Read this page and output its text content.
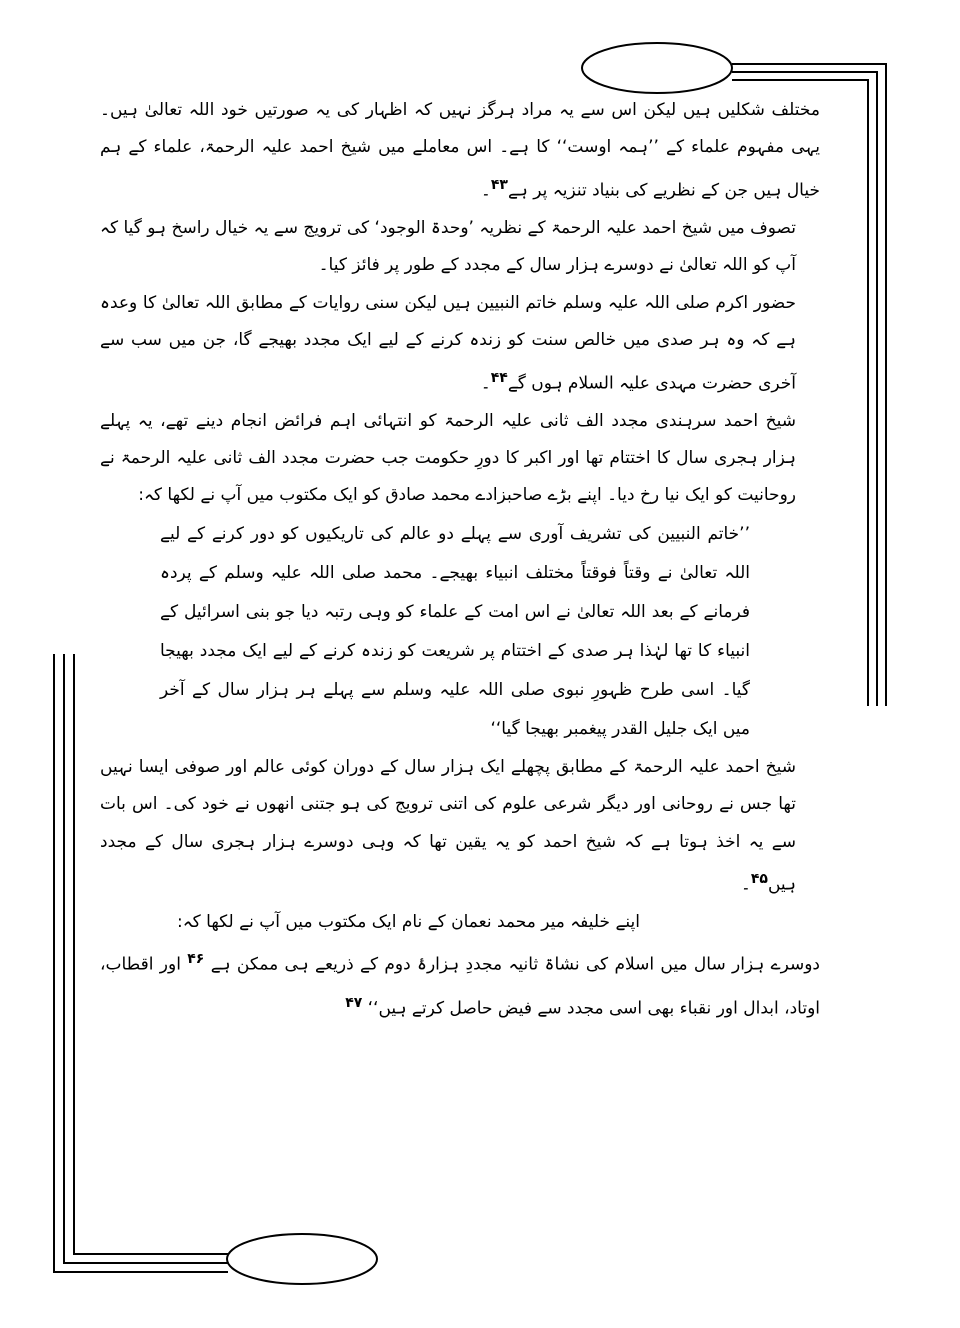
مختلف شکلیں ہیں لیکن اس سے یہ مراد ہرگز نہیں کہ اظہار کی یہ صورتیں خود اللہ تعالیٰ ہیں۔ یہی مفہوم علماء کے ’’ہمہ اوست‘‘ کا ہے۔ اس معاملے میں شیخ احمد علیہ الرحمۃ، علماء کے ہم خیال ہیں جن کے نظریے کی بنیاد تنزیہ پر ہے$^{۴۳}$۔

تصوف میں شیخ احمد علیہ الرحمۃ کے نظریہ ’وحدۃ الوجود‘ کی ترویج سے یہ خیال راسخ ہو گیا کہ آپ کو اللہ تعالیٰ نے دوسرے ہزار سال کے مجدد کے طور پر فائز کیا۔

حضور اکرم صلی اللہ علیہ وسلم خاتم النبیین ہیں لیکن سنی روایات کے مطابق اللہ تعالیٰ کا وعدہ ہے کہ وہ ہر صدی میں خالص سنت کو زندہ کرنے کے لیے ایک مجدد بھیجے گا، جن میں سب سے آخری حضرت مہدی علیہ السلام ہوں گے$^{۴۴}$۔

شیخ احمد سرہندی مجدد الف ثانی علیہ الرحمۃ کو انتہائی اہم فرائض انجام دینے تھے، یہ پہلے ہزار ہجری سال کا اختتام تھا اور اکبر کا دورِ حکومت جب حضرت مجدد الف ثانی علیہ الرحمۃ نے روحانیت کو ایک نیا رخ دیا۔ اپنے بڑے صاحبزادے محمد صادق کو ایک مکتوب میں آپ نے لکھا کہ:

’’خاتم النبیین کی تشریف آوری سے پہلے دو عالم کی تاریکیوں کو دور کرنے کے لیے اللہ تعالیٰ نے وقتاً فوقتاً مختلف انبیاء بھیجے۔ محمد صلی اللہ علیہ وسلم کے پردہ فرمانے کے بعد اللہ تعالیٰ نے اس امت کے علماء کو وہی رتبہ دیا جو بنی اسرائیل کے انبیاء کا تھا لہٰذا ہر صدی کے اختتام پر شریعت کو زندہ کرنے کے لیے ایک مجدد بھیجا گیا۔ اسی طرح ظہورِ نبوی صلی اللہ علیہ وسلم سے پہلے ہر ہزار سال کے آخر میں ایک جلیل القدر پیغمبر بھیجا گیا‘‘

شیخ احمد علیہ الرحمۃ کے مطابق پچھلے ایک ہزار سال کے دوران کوئی عالم اور صوفی ایسا نہیں تھا جس نے روحانی اور دیگر شرعی علوم کی اتنی ترویج کی ہو جتنی انھوں نے خود کی۔ اس بات سے یہ اخذ ہوتا ہے کہ شیخ احمد کو یہ یقین تھا کہ وہی دوسرے ہزار ہجری سال کے مجدد ہیں$^{۴۵}$۔

اپنے خلیفہ میر محمد نعمان کے نام ایک مکتوب میں آپ نے لکھا کہ:

دوسرے ہزار سال میں اسلام کی نشاۃ ثانیہ مجددِ ہزارۂ دوم کے ذریعے ہی ممکن ہے $^{۴۶}$ اور اقطاب، اوتاد، ابدال اور نقباء بھی اسی مجدد سے فیض حاصل کرتے ہیں‘‘ $^{۴۷}$
